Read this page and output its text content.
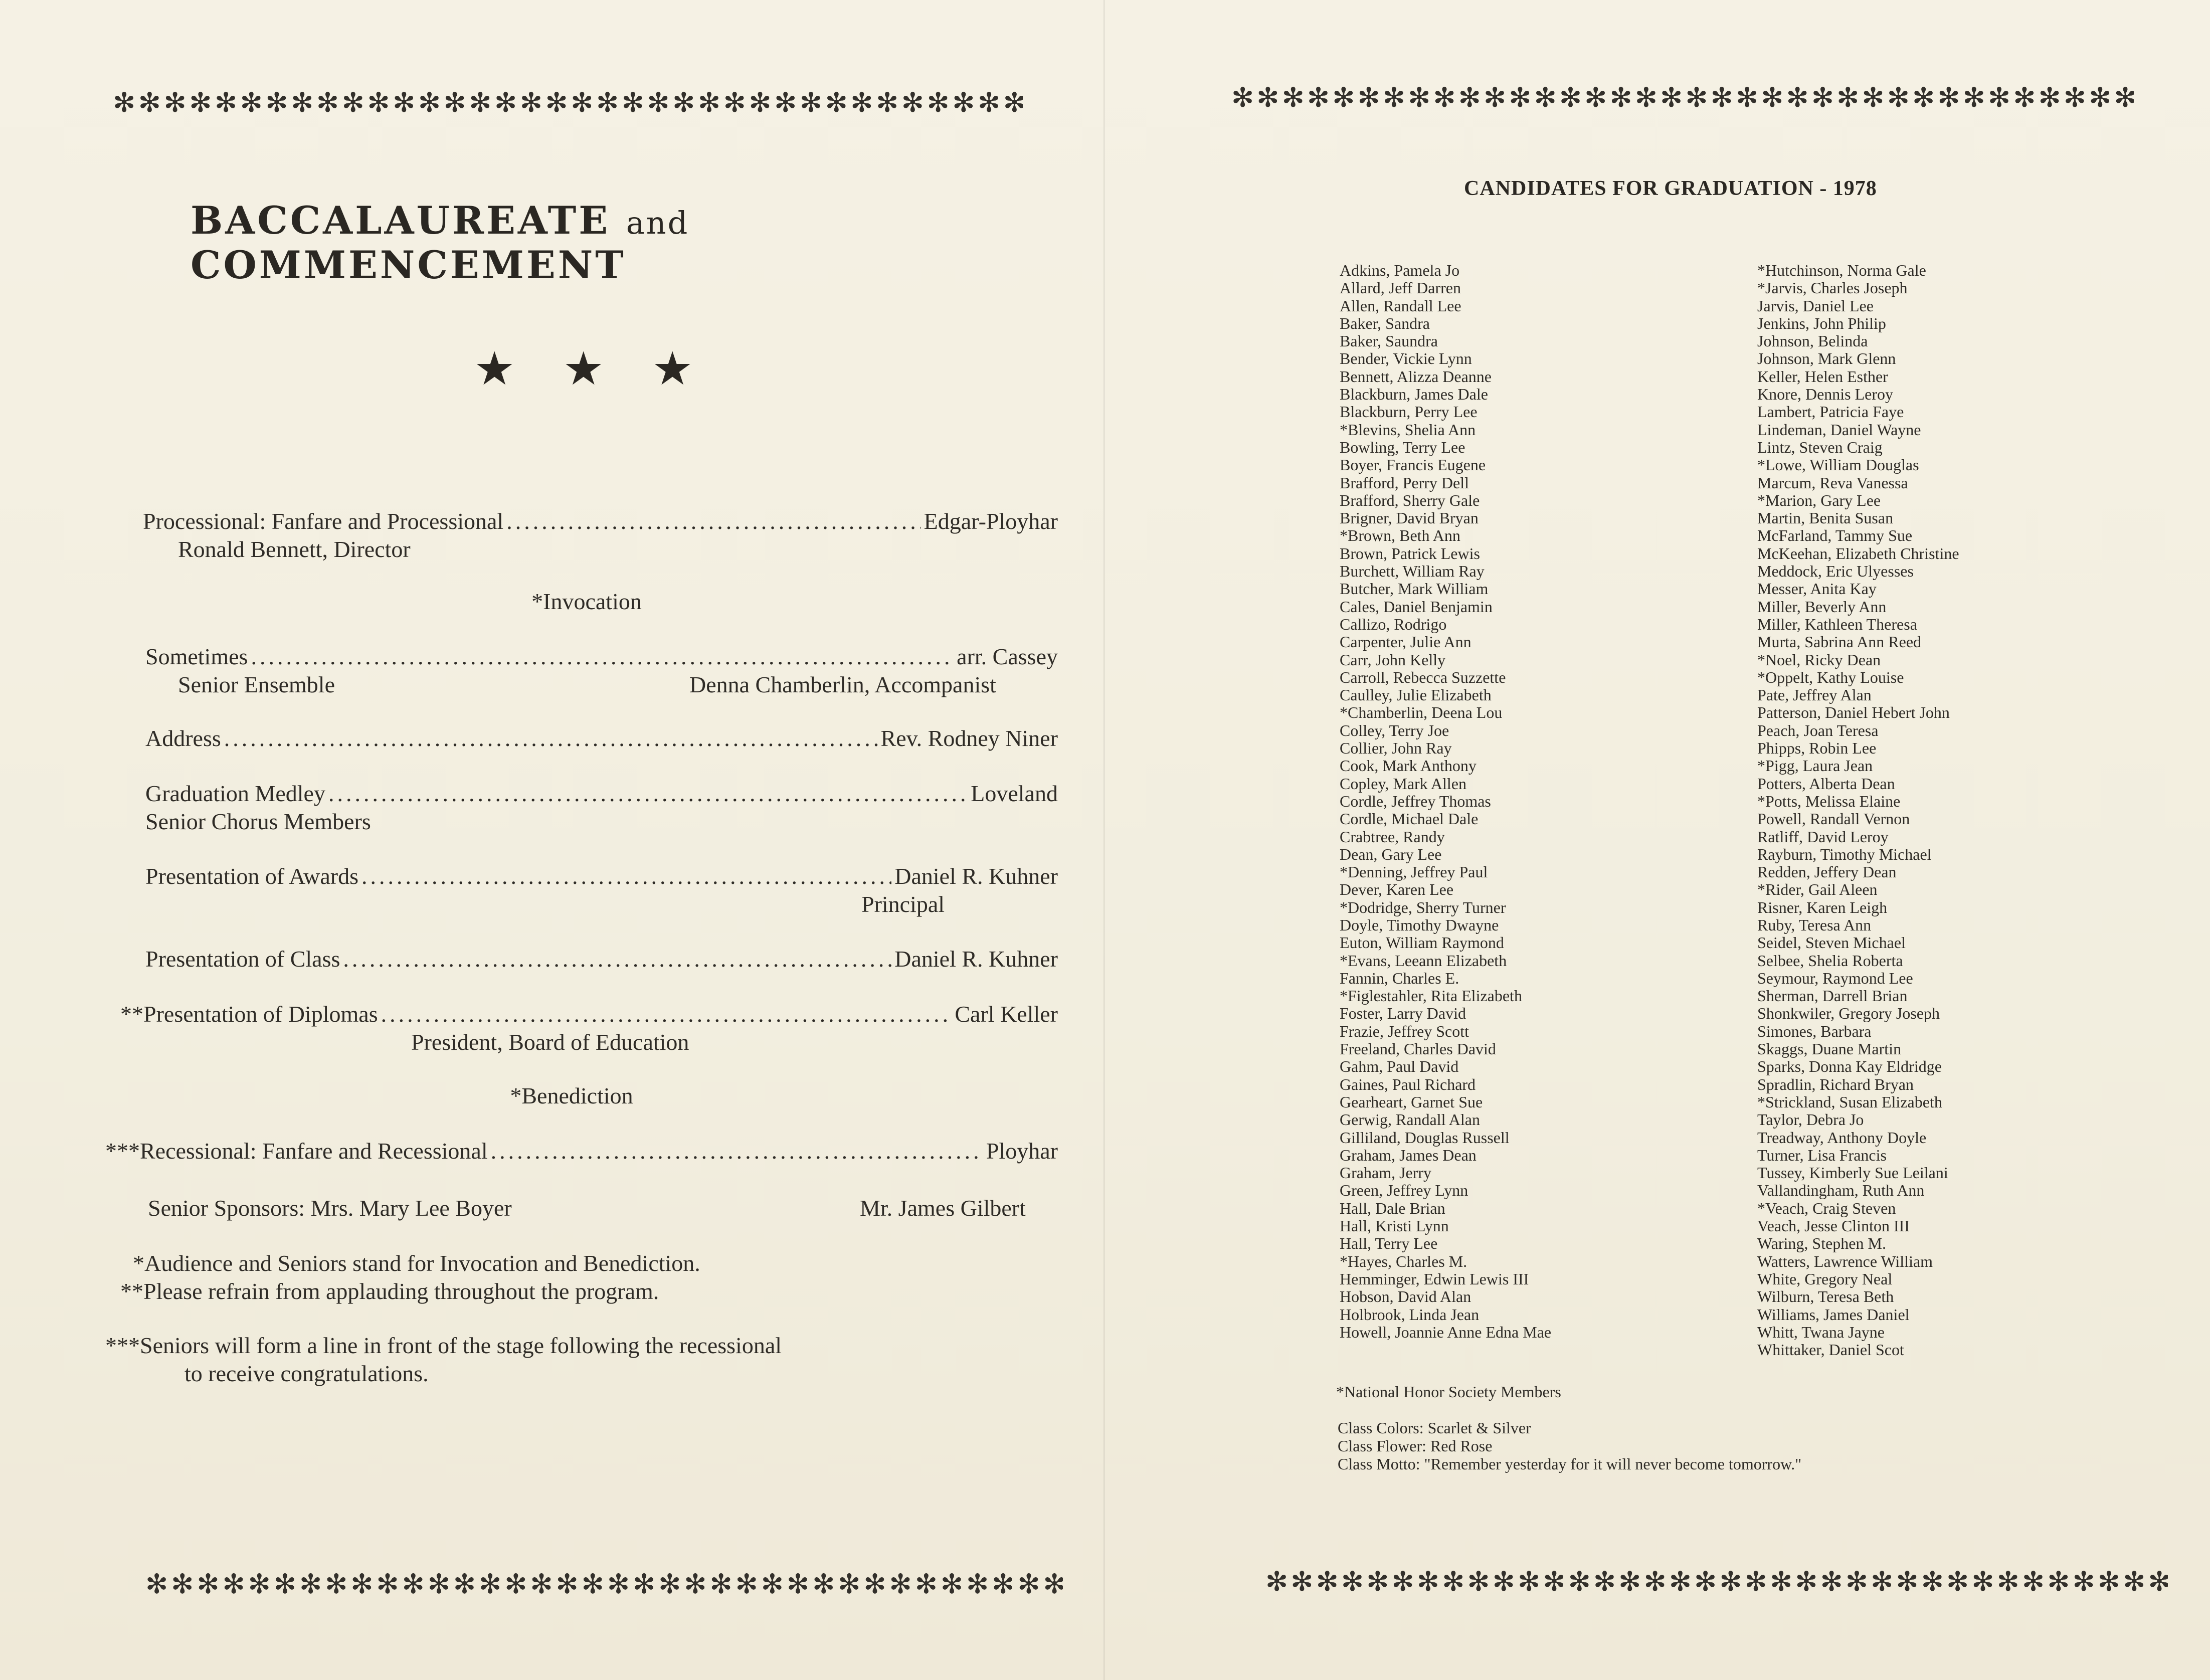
✻ ✻ ✻ ✻ ✻ ✻ ✻ ✻ ✻ ✻ ✻ ✻ ✻ ✻ ✻ ✻ ✻ ✻ ✻ ✻ ✻ ✻ ✻ ✻ ✻ ✻ ✻ ✻ ✻ ✻ ✻ ✻ ✻ ✻ ✻ ✻
BACCALAUREATE and COMMENCEMENT
★ ★ ★
Processional: Fanfare and Processional .....	Edgar-Ployhar
Ronald Bennett, Director
*Invocation
Sometimes .....	arr. Cassey
Senior Ensemble	Denna Chamberlin, Accompanist
Address .....	Rev. Rodney Niner
Graduation Medley .....	Loveland
Senior Chorus Members
Presentation of Awards .....	Daniel R. Kuhner
Principal
Presentation of Class .....	Daniel R. Kuhner
**Presentation of Diplomas .....	Carl Keller
President, Board of Education
*Benediction
***Recessional: Fanfare and Recessional .....	Ployhar
Senior Sponsors: Mrs. Mary Lee Boyer	Mr. James Gilbert
*Audience and Seniors stand for Invocation and Benediction.
**Please refrain from applauding throughout the program.
***Seniors will form a line in front of the stage following the recessional
to receive congratulations.
✻ ✻ ✻ ✻ ✻ ✻ ✻ ✻ ✻ ✻ ✻ ✻ ✻ ✻ ✻ ✻ ✻ ✻ ✻ ✻ ✻ ✻ ✻ ✻ ✻ ✻ ✻ ✻ ✻ ✻ ✻ ✻ ✻ ✻ ✻ ✻
✻ ✻ ✻ ✻ ✻ ✻ ✻ ✻ ✻ ✻ ✻ ✻ ✻ ✻ ✻ ✻ ✻ ✻ ✻ ✻ ✻ ✻ ✻ ✻ ✻ ✻ ✻ ✻ ✻ ✻ ✻ ✻ ✻ ✻ ✻ ✻
✻ ✻ ✻ ✻ ✻ ✻ ✻ ✻ ✻ ✻ ✻ ✻ ✻ ✻ ✻ ✻ ✻ ✻ ✻ ✻ ✻ ✻ ✻ ✻ ✻ ✻ ✻ ✻ ✻ ✻ ✻ ✻ ✻ ✻ ✻ ✻
CANDIDATES FOR GRADUATION - 1978
Adkins, Pamela Jo
Allard, Jeff Darren
Allen, Randall Lee
Baker, Sandra
Baker, Saundra
Bender, Vickie Lynn
Bennett, Alizza Deanne
Blackburn, James Dale
Blackburn, Perry Lee
*Blevins, Shelia Ann
Bowling, Terry Lee
Boyer, Francis Eugene
Brafford, Perry Dell
Brafford, Sherry Gale
Brigner, David Bryan
*Brown, Beth Ann
Brown, Patrick Lewis
Burchett, William Ray
Butcher, Mark William
Cales, Daniel Benjamin
Callizo, Rodrigo
Carpenter, Julie Ann
Carr, John Kelly
Carroll, Rebecca Suzzette
Caulley, Julie Elizabeth
*Chamberlin, Deena Lou
Colley, Terry Joe
Collier, John Ray
Cook, Mark Anthony
Copley, Mark Allen
Cordle, Jeffrey Thomas
Cordle, Michael Dale
Crabtree, Randy
Dean, Gary Lee
*Denning, Jeffrey Paul
Dever, Karen Lee
*Dodridge, Sherry Turner
Doyle, Timothy Dwayne
Euton, William Raymond
*Evans, Leeann Elizabeth
Fannin, Charles E.
*Figlestahler, Rita Elizabeth
Foster, Larry David
Frazie, Jeffrey Scott
Freeland, Charles David
Gahm, Paul David
Gaines, Paul Richard
Gearheart, Garnet Sue
Gerwig, Randall Alan
Gilliland, Douglas Russell
Graham, James Dean
Graham, Jerry
Green, Jeffrey Lynn
Hall, Dale Brian
Hall, Kristi Lynn
Hall, Terry Lee
*Hayes, Charles M.
Hemminger, Edwin Lewis III
Hobson, David Alan
Holbrook, Linda Jean
Howell, Joannie Anne Edna Mae
*Hutchinson, Norma Gale
*Jarvis, Charles Joseph
Jarvis, Daniel Lee
Jenkins, John Philip
Johnson, Belinda
Johnson, Mark Glenn
Keller, Helen Esther
Knore, Dennis Leroy
Lambert, Patricia Faye
Lindeman, Daniel Wayne
Lintz, Steven Craig
*Lowe, William Douglas
Marcum, Reva Vanessa
*Marion, Gary Lee
Martin, Benita Susan
McFarland, Tammy Sue
McKeehan, Elizabeth Christine
Meddock, Eric Ulyesses
Messer, Anita Kay
Miller, Beverly Ann
Miller, Kathleen Theresa
Murta, Sabrina Ann Reed
*Noel, Ricky Dean
*Oppelt, Kathy Louise
Pate, Jeffrey Alan
Patterson, Daniel Hebert John
Peach, Joan Teresa
Phipps, Robin Lee
*Pigg, Laura Jean
Potters, Alberta Dean
*Potts, Melissa Elaine
Powell, Randall Vernon
Ratliff, David Leroy
Rayburn, Timothy Michael
Redden, Jeffery Dean
*Rider, Gail Aleen
Risner, Karen Leigh
Ruby, Teresa Ann
Seidel, Steven Michael
Selbee, Shelia Roberta
Seymour, Raymond Lee
Sherman, Darrell Brian
Shonkwiler, Gregory Joseph
Simones, Barbara
Skaggs, Duane Martin
Sparks, Donna Kay Eldridge
Spradlin, Richard Bryan
*Strickland, Susan Elizabeth
Taylor, Debra Jo
Treadway, Anthony Doyle
Turner, Lisa Francis
Tussey, Kimberly Sue Leilani
Vallandingham, Ruth Ann
*Veach, Craig Steven
Veach, Jesse Clinton III
Waring, Stephen M.
Watters, Lawrence William
White, Gregory Neal
Wilburn, Teresa Beth
Williams, James Daniel
Whitt, Twana Jayne
Whittaker, Daniel Scot
*National Honor Society Members
Class Colors: Scarlet & Silver
Class Flower: Red Rose
Class Motto: "Remember yesterday for it will never become tomorrow."
